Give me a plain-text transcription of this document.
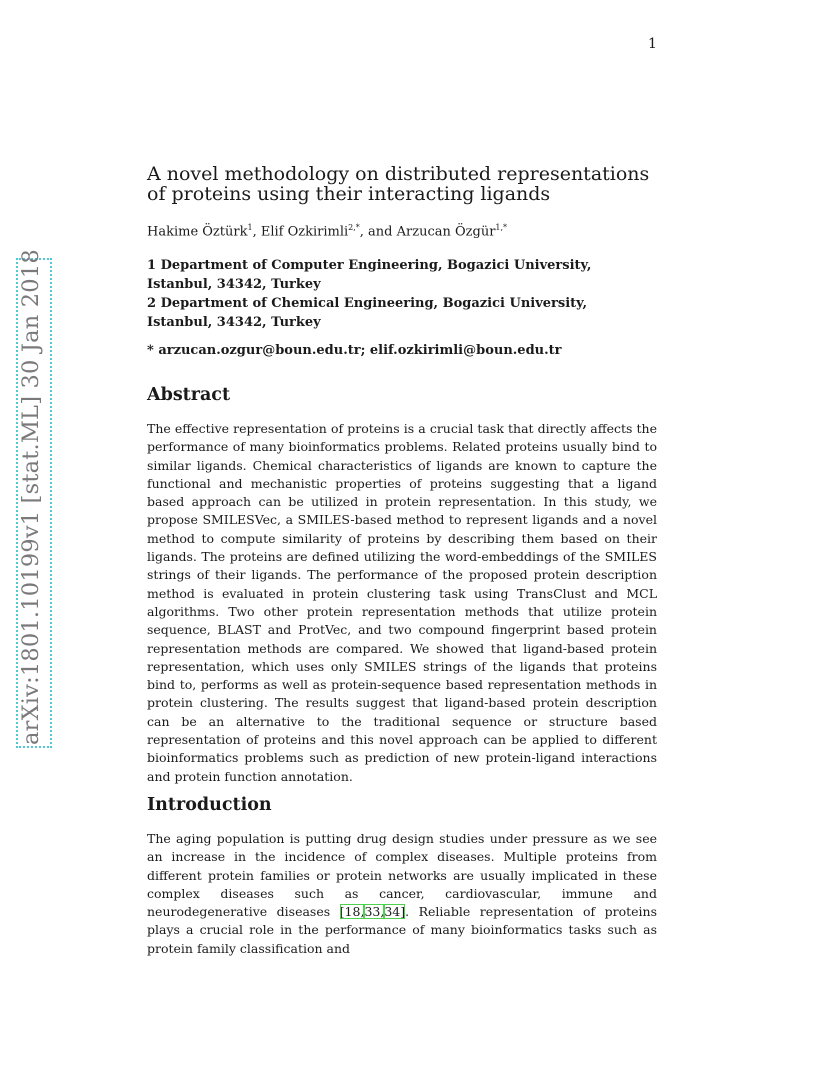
1
arXiv:1801.10199v1 [stat.ML] 30 Jan 2018
A novel methodology on distributed representations of proteins using their interacting ligands
Hakime Öztürk$^1$, Elif Ozkirimli$^{2,*}$, and Arzucan Özgür$^{1,*}$
1 Department of Computer Engineering, Bogazici University,
Istanbul, 34342, Turkey
2 Department of Chemical Engineering, Bogazici University,
Istanbul, 34342, Turkey
* arzucan.ozgur@boun.edu.tr; elif.ozkirimli@boun.edu.tr
Abstract

The effective representation of proteins is a crucial task that directly affects the performance of many bioinformatics problems. Related proteins usually bind to similar ligands. Chemical characteristics of ligands are known to capture the functional and mechanistic properties of proteins suggesting that a ligand based approach can be utilized in protein representation. In this study, we propose SMILESVec, a SMILES-based method to represent ligands and a novel method to compute similarity of proteins by describing them based on their ligands. The proteins are defined utilizing the word-embeddings of the SMILES strings of their ligands. The performance of the proposed protein description method is evaluated in protein clustering task using TransClust and MCL algorithms. Two other protein representation methods that utilize protein sequence, BLAST and ProtVec, and two compound fingerprint based protein representation methods are compared. We showed that ligand-based protein representation, which uses only SMILES strings of the ligands that proteins bind to, performs as well as protein-sequence based representation methods in protein clustering. The results suggest that ligand-based protein description can be an alternative to the traditional sequence or structure based representation of proteins and this novel approach can be applied to different bioinformatics problems such as prediction of new protein-ligand interactions and protein function annotation.

Introduction

The aging population is putting drug design studies under pressure as we see an increase in the incidence of complex diseases. Multiple proteins from different protein families or protein networks are usually implicated in these complex diseases such as cancer, cardiovascular, immune and neurodegenerative diseases [18,33,34]. Reliable representation of proteins plays a crucial role in the performance of many bioinformatics tasks such as protein family classification and
